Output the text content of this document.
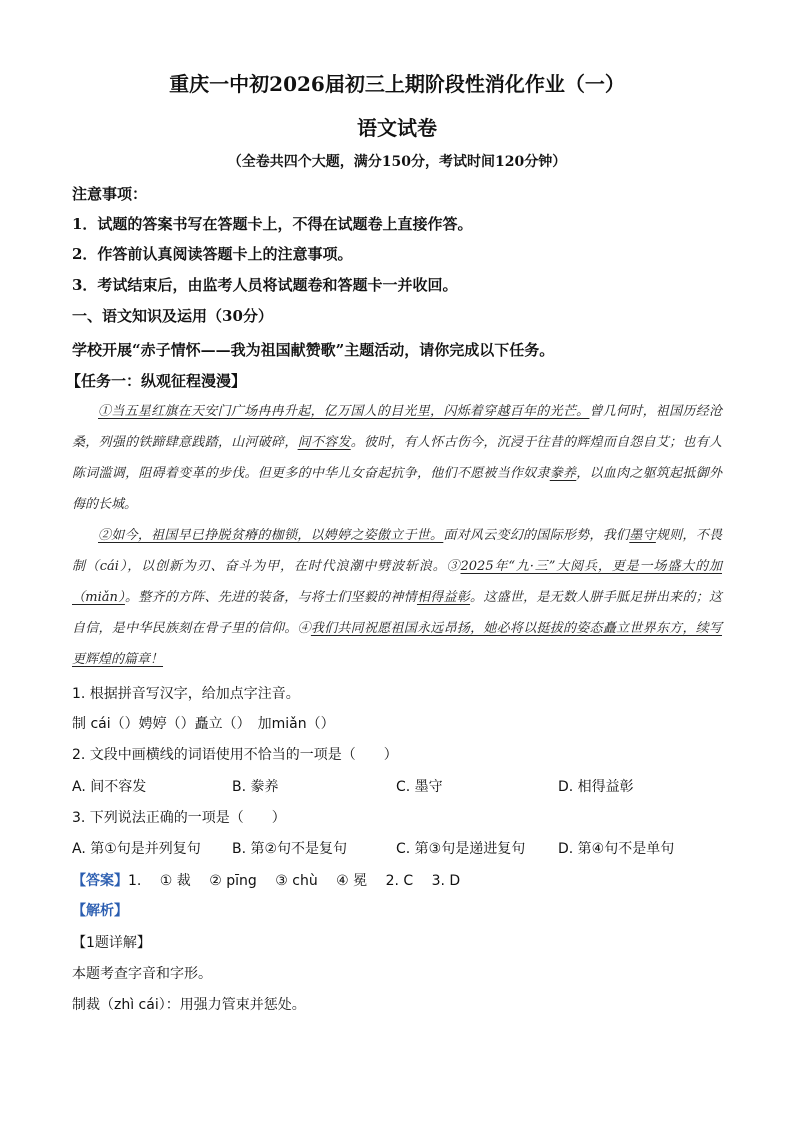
重庆一中初2026届初三上期阶段性消化作业（一）
语文试卷
（全卷共四个大题，满分150分，考试时间120分钟）
注意事项：
1．试题的答案书写在答题卡上，不得在试题卷上直接作答。
2．作答前认真阅读答题卡上的注意事项。
3．考试结束后，由监考人员将试题卷和答题卡一并收回。
一、语文知识及运用（30分）
学校开展“赤子情怀——我为祖国献赞歌”主题活动，请你完成以下任务。
【任务一：纵观征程漫漫】
①当五星红旗在天安门广场冉冉升起，亿万国人的目光里，闪烁着穿越百年的光芒。曾几何时，祖国历经沧桑，列强的铁蹄肆意践踏，山河破碎，间不容发。彼时，有人怀古伤今，沉浸于往昔的辉煌而自怨自艾；也有人陈词滥调，阻碍着变革的步伐。但更多的中华儿女奋起抗争，他们不愿被当作奴隶豢养，以血肉之躯筑起抵御外侮的长城。
②如今，祖国早已挣脱贫瘠的枷锁，以娉婷之姿傲立于世。面对风云变幻的国际形势，我们墨守规则，不畏制（cái），以创新为刃、奋斗为甲，在时代浪潮中劈波斩浪。③2025年“九·三”大阅兵，更是一场盛大的加（miǎn）。整齐的方阵、先进的装备，与将士们坚毅的神情相得益彰。这盛世，是无数人胼手胝足拼出来的；这自信，是中华民族刻在骨子里的信仰。④我们共同祝愿祖国永远昂扬，她必将以挺拔的姿态矗立世界东方，续写更辉煌的篇章！
1. 根据拼音写汉字，给加点字注音。
制 cái（）娉婷（）矗立（）　加miǎn（）
2. 文段中画横线的词语使用不恰当的一项是（　　）
A. 间不容发	B. 豢养	C. 墨守	D. 相得益彰
3. 下列说法正确的一项是（　　）
A. 第①句是并列复句 B. 第②句不是复句	C. 第③句是递进复句 D. 第④句不是单句
【答案】1.　 ① 裁　 ② pīng　 ③ chù　 ④ 冕　 2. C　 3. D
【解析】
【1题详解】
本题考查字音和字形。
制裁（zhì cái）：用强力管束并惩处。
